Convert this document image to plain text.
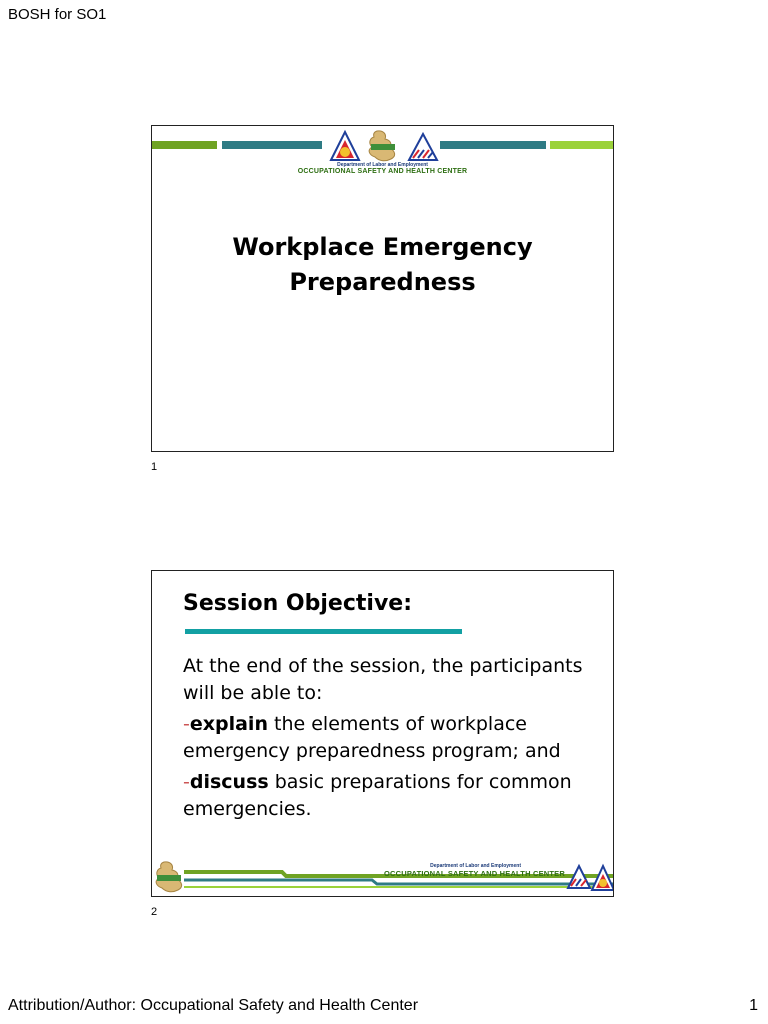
BOSH for SO1
Department of Labor and Employment
OCCUPATIONAL SAFETY AND HEALTH CENTER
Workplace Emergency
Preparedness
1
Session Objective:

At the end of the session, the participants will be able to:

-explain the elements of workplace emergency preparedness program; and

-discuss basic preparations for common emergencies.

Department of Labor and Employment
OCCUPATIONAL SAFETY AND HEALTH CENTER
2
Attribution/Author: Occupational Safety and Health Center	1
